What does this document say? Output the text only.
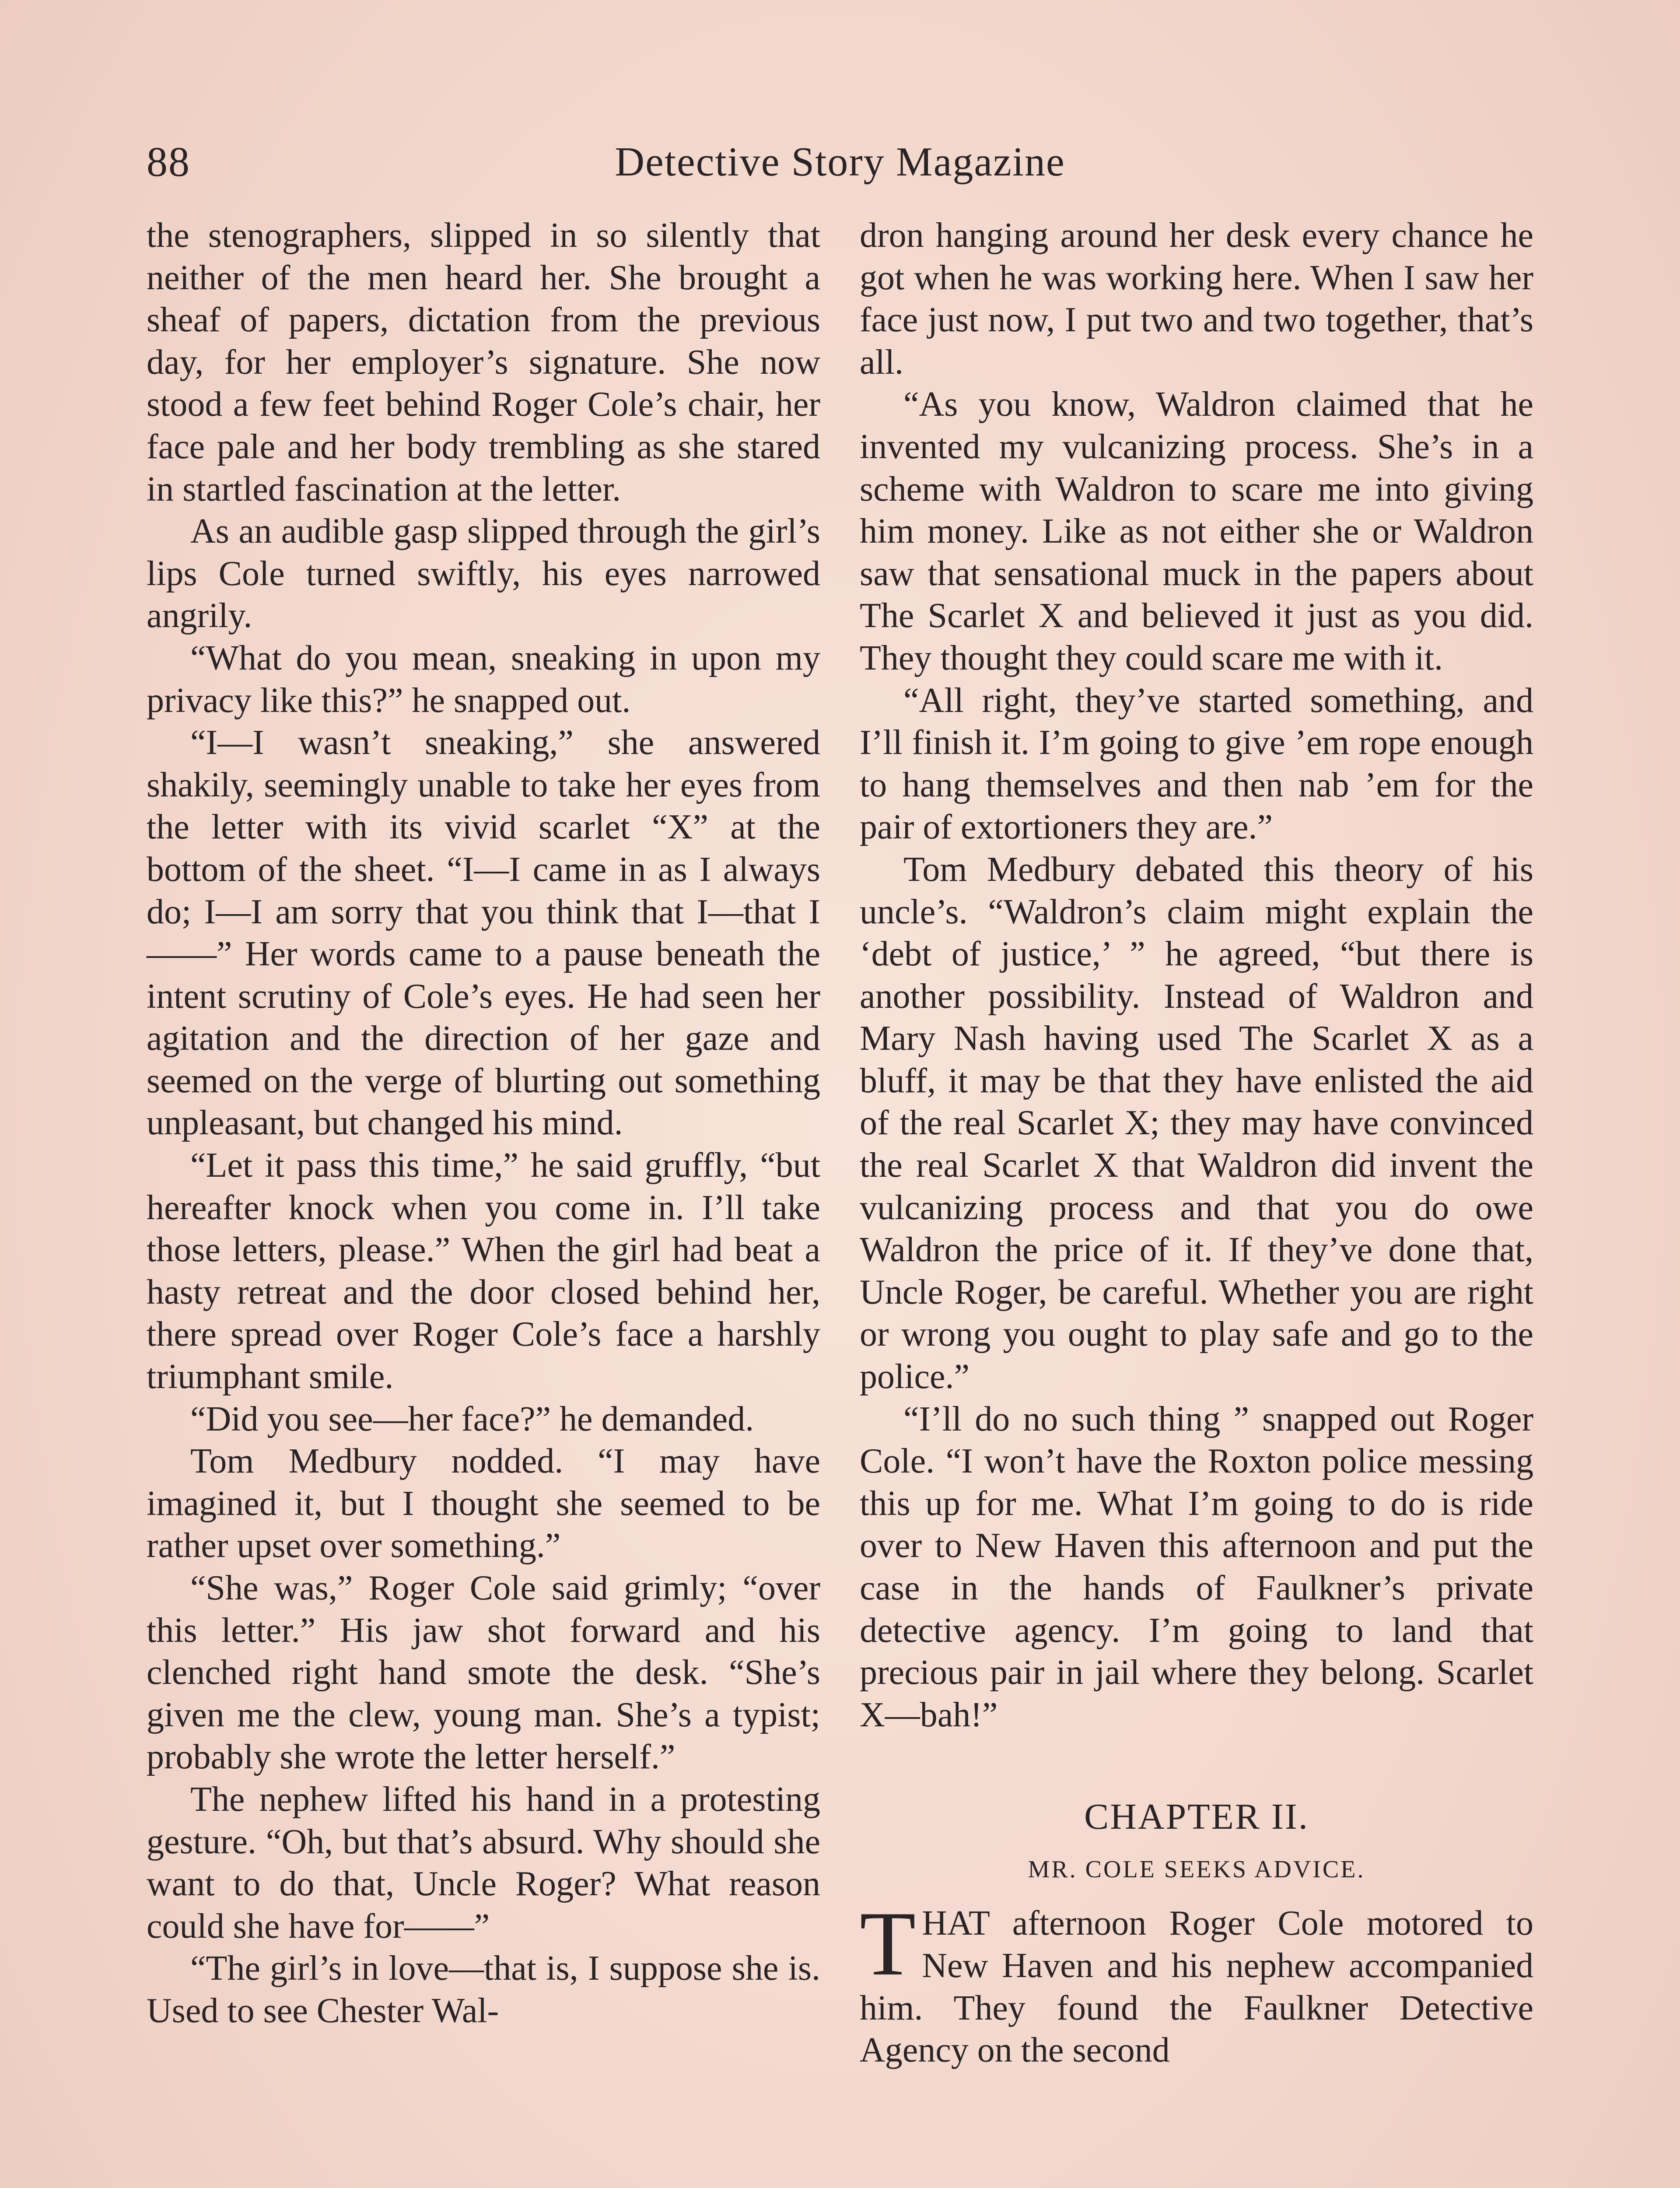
88	Detective Story Magazine

the stenographers, slipped in so silently that neither of the men heard her. She brought a sheaf of papers, dictation from the previous day, for her employer’s signature. She now stood a few feet behind Roger Cole’s chair, her face pale and her body trembling as she stared in startled fascination at the letter.

As an audible gasp slipped through the girl’s lips Cole turned swiftly, his eyes narrowed angrily.

“What do you mean, sneaking in upon my privacy like this?” he snapped out.

“I—I wasn’t sneaking,” she answered shakily, seemingly unable to take her eyes from the letter with its vivid scarlet “X” at the bottom of the sheet. “I—I came in as I always do; I—I am sorry that you think that I—that I——” Her words came to a pause beneath the intent scrutiny of Cole’s eyes. He had seen her agitation and the direction of her gaze and seemed on the verge of blurting out something unpleasant, but changed his mind.

“Let it pass this time,” he said gruffly, “but hereafter knock when you come in. I’ll take those letters, please.” When the girl had beat a hasty retreat and the door closed behind her, there spread over Roger Cole’s face a harshly triumphant smile.

“Did you see—her face?” he demanded.

Tom Medbury nodded. “I may have imagined it, but I thought she seemed to be rather upset over something.”

“She was,” Roger Cole said grimly; “over this letter.” His jaw shot forward and his clenched right hand smote the desk. “She’s given me the clew, young man. She’s a typist; probably she wrote the letter herself.”

The nephew lifted his hand in a protesting gesture. “Oh, but that’s absurd. Why should she want to do that, Uncle Roger? What reason could she have for——”

“The girl’s in love—that is, I suppose she is. Used to see Chester Wal-

dron hanging around her desk every chance he got when he was working here. When I saw her face just now, I put two and two together, that’s all.

“As you know, Waldron claimed that he invented my vulcanizing process. She’s in a scheme with Waldron to scare me into giving him money. Like as not either she or Waldron saw that sensational muck in the papers about The Scarlet X and believed it just as you did. They thought they could scare me with it.

“All right, they’ve started something, and I’ll finish it. I’m going to give ’em rope enough to hang themselves and then nab ’em for the pair of extortioners they are.”

Tom Medbury debated this theory of his uncle’s. “Waldron’s claim might explain the ‘debt of justice,’ ” he agreed, “but there is another possibility. Instead of Waldron and Mary Nash having used The Scarlet X as a bluff, it may be that they have enlisted the aid of the real Scarlet X; they may have convinced the real Scarlet X that Waldron did invent the vulcanizing process and that you do owe Waldron the price of it. If they’ve done that, Uncle Roger, be careful. Whether you are right or wrong you ought to play safe and go to the police.”

“I’ll do no such thing ” snapped out Roger Cole. “I won’t have the Roxton police messing this up for me. What I’m going to do is ride over to New Haven this afternoon and put the case in the hands of Faulkner’s private detective agency. I’m going to land that precious pair in jail where they belong. Scarlet X—bah!”

CHAPTER II.
MR. COLE SEEKS ADVICE.

THAT afternoon Roger Cole motored to New Haven and his nephew accompanied him. They found the Faulkner Detective Agency on the second
